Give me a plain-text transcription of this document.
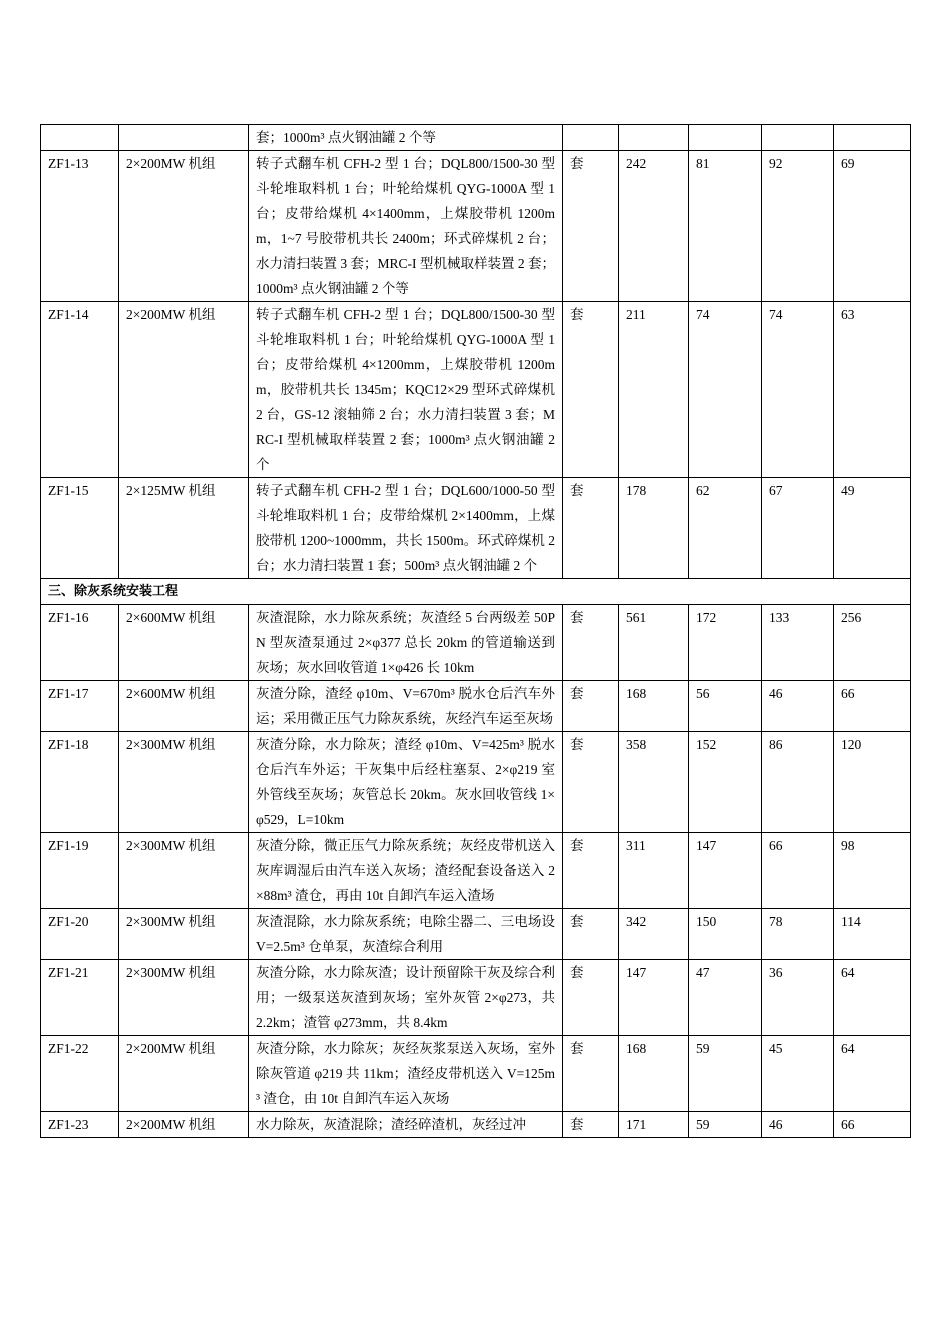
		套；1000m³ 点火钢油罐 2 个等					
ZF1-13	2×200MW 机组	转子式翻车机 CFH-2 型 1 台；DQL800/1500-30 型斗轮堆取料机 1 台；叶轮给煤机 QYG-1000A 型 1 台；皮带给煤机 4×1400mm，上煤胶带机 1200mm，1~7 号胶带机共长 2400m；环式碎煤机 2 台；水力清扫装置 3 套；MRC-I 型机械取样装置 2 套；1000m³ 点火钢油罐 2 个等	套	242	81	92	69
ZF1-14	2×200MW 机组	转子式翻车机 CFH-2 型 1 台；DQL800/1500-30 型斗轮堆取料机 1 台；叶轮给煤机 QYG-1000A 型 1 台；皮带给煤机 4×1200mm，上煤胶带机 1200mm，胶带机共长 1345m；KQC12×29 型环式碎煤机 2 台，GS-12 滚轴筛 2 台；水力清扫装置 3 套；MRC-I 型机械取样装置 2 套；1000m³ 点火钢油罐 2 个	套	211	74	74	63
ZF1-15	2×125MW 机组	转子式翻车机 CFH-2 型 1 台；DQL600/1000-50 型斗轮堆取料机 1 台；皮带给煤机 2×1400mm，上煤胶带机 1200~1000mm，共长 1500m。环式碎煤机 2 台；水力清扫装置 1 套；500m³ 点火钢油罐 2 个	套	178	62	67	49
三、除灰系统安装工程							
ZF1-16	2×600MW 机组	灰渣混除，水力除灰系统；灰渣经 5 台两级差 50PN 型灰渣泵通过 2×φ377 总长 20km 的管道输送到灰场；灰水回收管道 1×φ426 长 10km	套	561	172	133	256
ZF1-17	2×600MW 机组	灰渣分除，渣经 φ10m、V=670m³ 脱水仓后汽车外运；采用微正压气力除灰系统，灰经汽车运至灰场	套	168	56	46	66
ZF1-18	2×300MW 机组	灰渣分除，水力除灰；渣经 φ10m、V=425m³ 脱水仓后汽车外运；干灰集中后经柱塞泵、2×φ219 室外管线至灰场；灰管总长 20km。灰水回收管线 1×φ529，L=10km	套	358	152	86	120
ZF1-19	2×300MW 机组	灰渣分除，微正压气力除灰系统；灰经皮带机送入灰库调湿后由汽车送入灰场；渣经配套设备送入 2×88m³ 渣仓，再由 10t 自卸汽车运入渣场	套	311	147	66	98
ZF1-20	2×300MW 机组	灰渣混除，水力除灰系统；电除尘器二、三电场设 V=2.5m³ 仓单泵，灰渣综合利用	套	342	150	78	114
ZF1-21	2×300MW 机组	灰渣分除，水力除灰渣；设计预留除干灰及综合利用；一级泵送灰渣到灰场；室外灰管 2×φ273，共 2.2km；渣管 φ273mm，共 8.4km	套	147	47	36	64
ZF1-22	2×200MW 机组	灰渣分除，水力除灰；灰经灰浆泵送入灰场，室外除灰管道 φ219 共 11km；渣经皮带机送入 V=125m³ 渣仓，由 10t 自卸汽车运入灰场	套	168	59	45	64
ZF1-23	2×200MW 机组	水力除灰，灰渣混除；渣经碎渣机，灰经过冲	套	171	59	46	66
